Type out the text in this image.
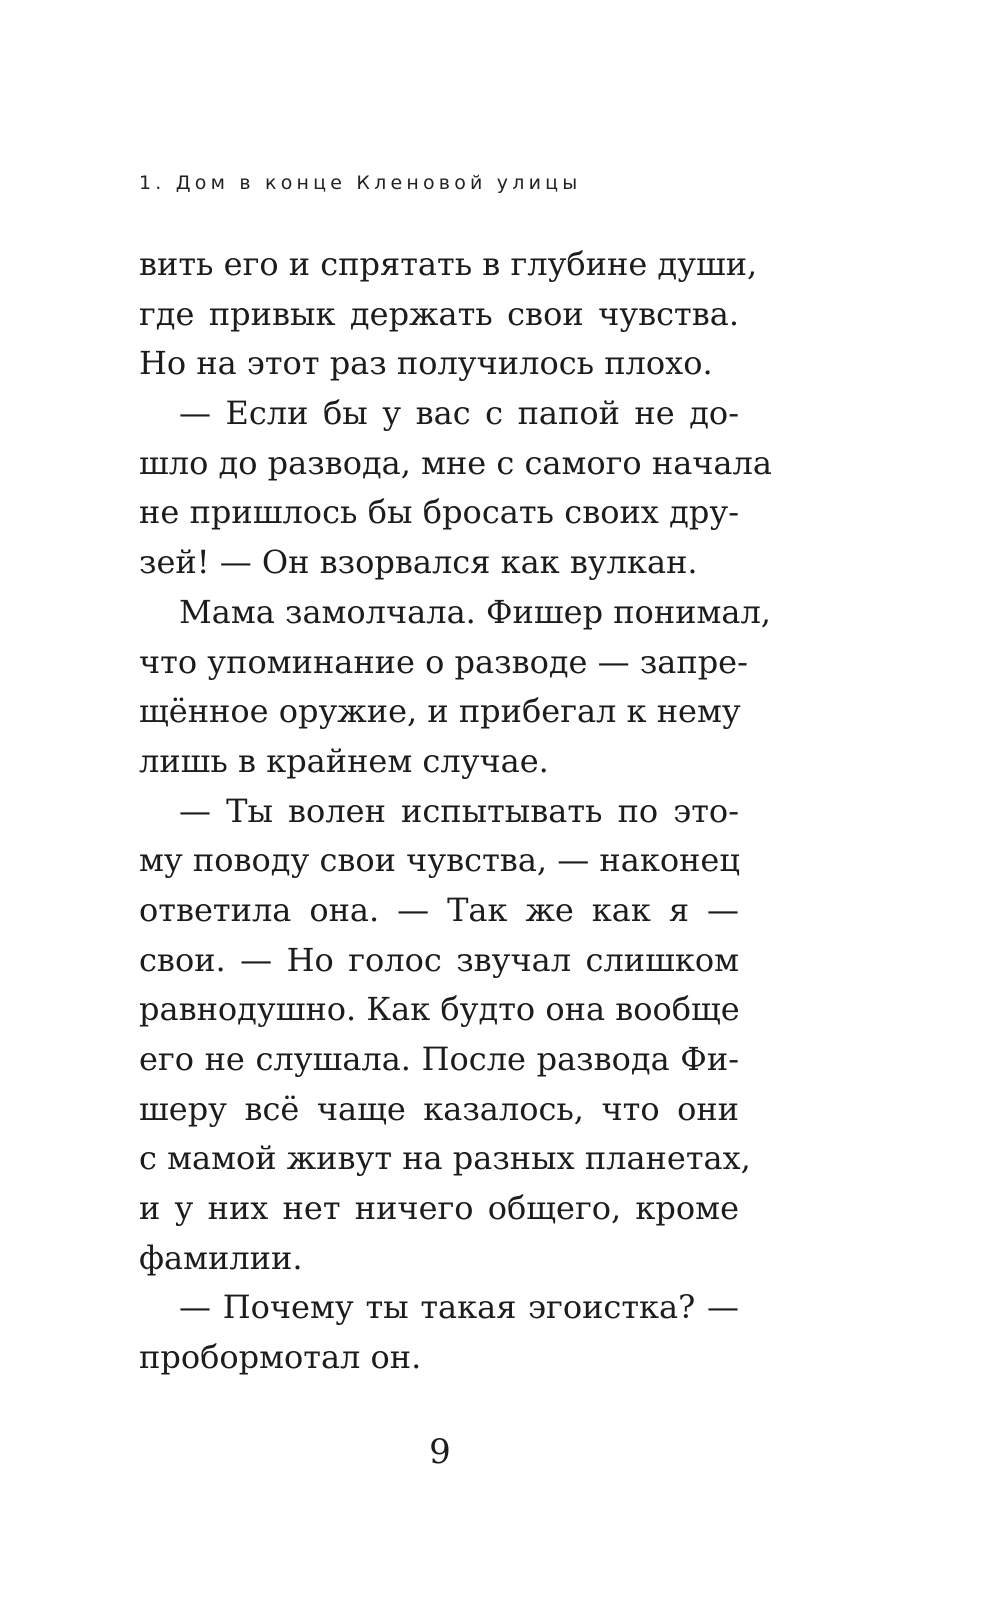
1. Дом в конце Кленовой улицы
вить его и спрятать в глубине души,
где привык держать свои чувства.
Но на этот раз получилось плохо.
— Если бы у вас с папой не до-
шло до развода, мне с самого начала
не пришлось бы бросать своих дру-
зей! — Он взорвался как вулкан.
Мама замолчала. Фишер понимал,
что упоминание о разводе — запре-
щённое оружие, и прибегал к нему
лишь в крайнем случае.
— Ты волен испытывать по это-
му поводу свои чувства, — наконец
ответила она. — Так же как я —
свои. — Но голос звучал слишком
равнодушно. Как будто она вообще
его не слушала. После развода Фи-
шеру всё чаще казалось, что они
с мамой живут на разных планетах,
и у них нет ничего общего, кроме
фамилии.
— Почему ты такая эгоистка? —
пробормотал он.
9
